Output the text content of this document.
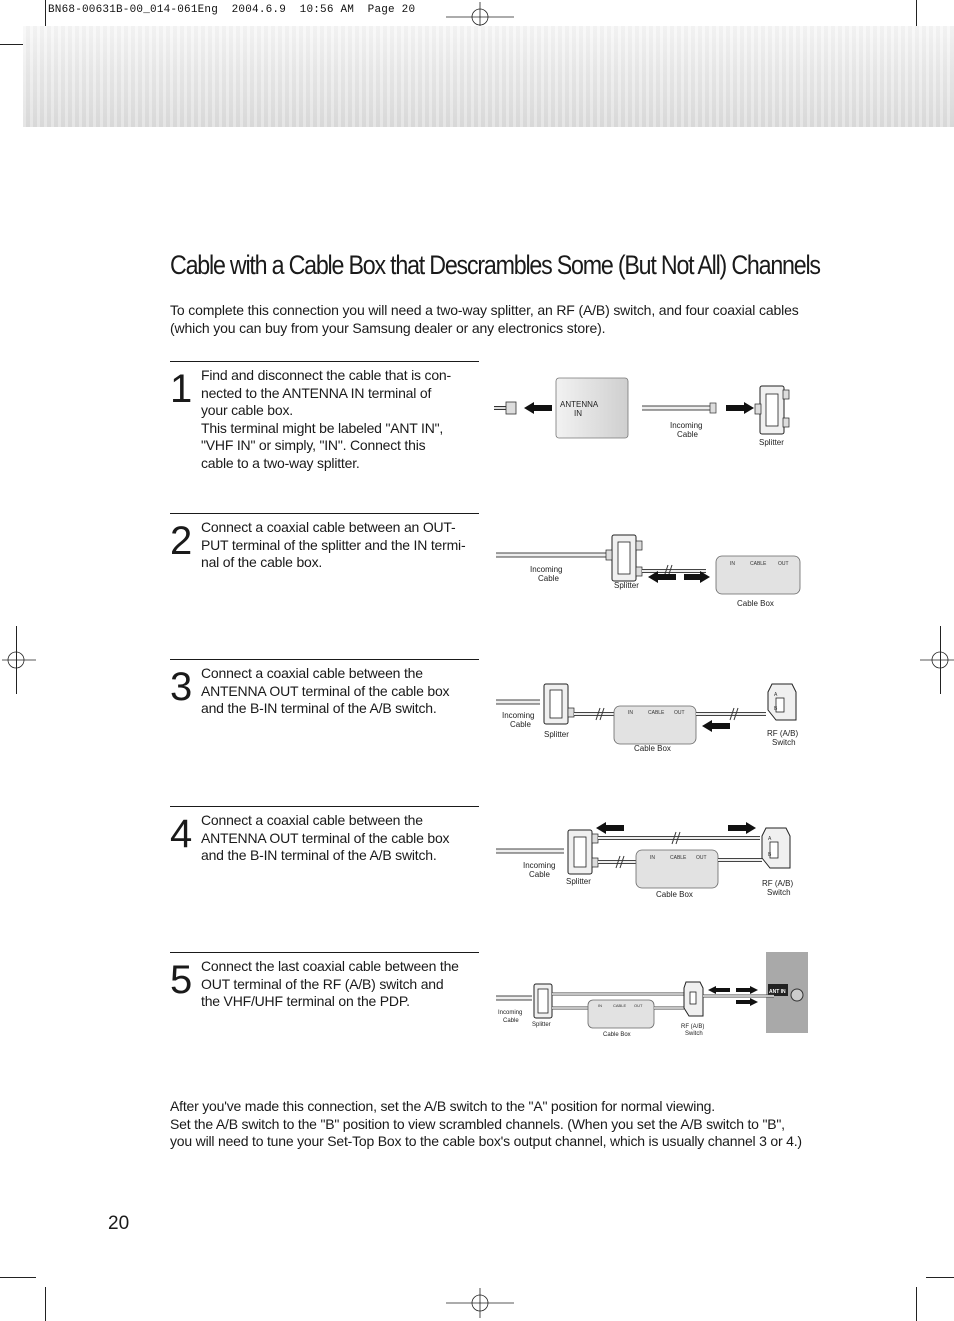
BN68-00631B-00_014-061Eng  2004.6.9  10:56 AM  Page 20
Cable with a Cable Box that Descrambles Some (But Not All) Channels
To complete this connection you will need a two-way splitter, an RF (A/B) switch, and four coaxial cables (which you can buy from your Samsung dealer or any electronics store).
1 Find and disconnect the cable that is con-
nected to the ANTENNA IN terminal of
your cable box.
This terminal might be labeled "ANT IN",
"VHF IN" or simply, "IN". Connect this
cable to a two-way splitter.
2 Connect a coaxial cable between an OUT-
PUT terminal of the splitter and the IN termi-
nal of the cable box.
3 Connect a coaxial cable between the
ANTENNA OUT terminal of the cable box
and the B-IN terminal of the A/B switch.
4 Connect a coaxial cable between the
ANTENNA OUT terminal of the cable box
and the B-IN terminal of the A/B switch.
5 Connect the last coaxial cable between the
OUT terminal of the RF (A/B) switch and
the VHF/UHF terminal on the PDP.
ANTENNA
IN
Incoming
Cable
Splitter
IN	CABLE OUT
Incoming
Cable
Splitter
Cable Box
IN	CABLE OUT
A
B
Incoming
Cable
Splitter
Cable Box
RF (A/B)
Switch
IN	CABLE OUT
A
B
Incoming
Cable
Splitter
Cable Box
RF (A/B)
Switch
ANT IN
IN	CABLE OUT
Incoming
Cable
Splitter
Cable Box
RF (A/B)
Switch

After you've made this connection, set the A/B switch to the "A" position for normal viewing.

Set the A/B switch to the "B" position to view scrambled channels. (When you set the A/B switch to "B", you will need to tune your Set-Top Box to the cable box's output channel, which is usually channel 3 or 4.)

20
